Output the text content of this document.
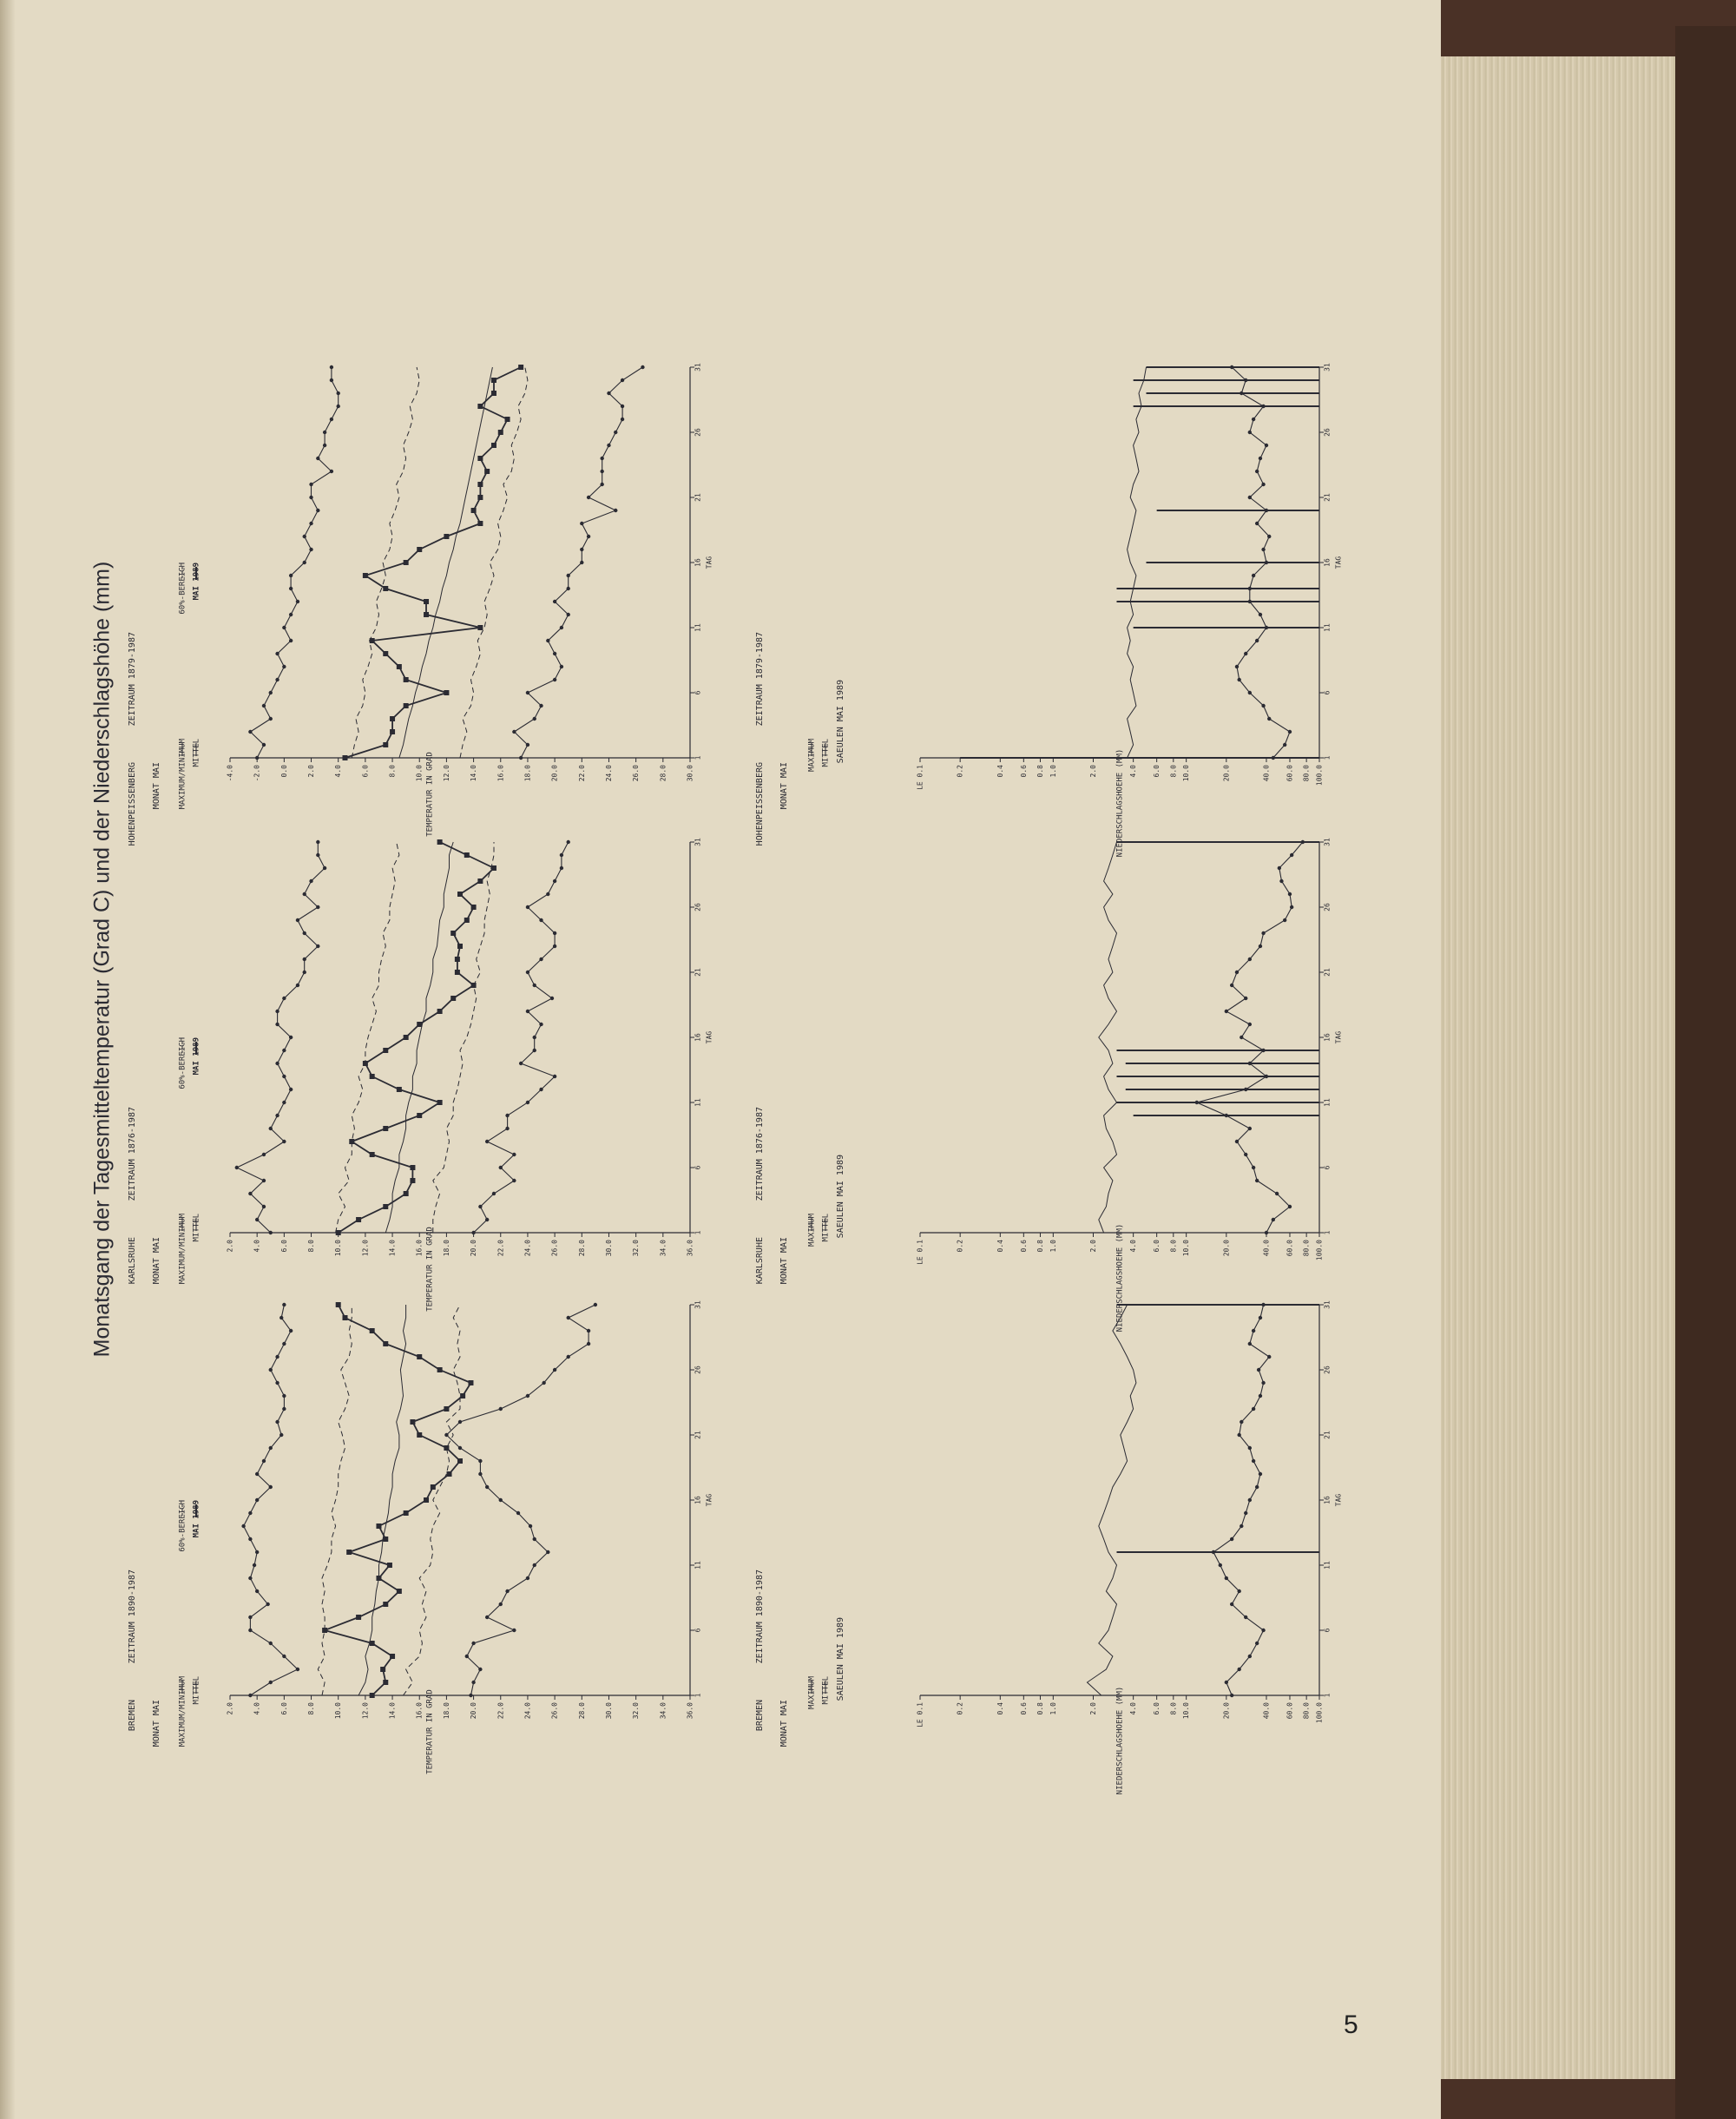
Monatsgang der Tagesmitteltemperatur (Grad C) und der Niederschlagshöhe (mm)
5
36.0
34.0
32.0
30.0
28.0
26.0
24.0
22.0
20.0
18.0
16.0
14.0
12.0
10.0
8.0
6.0
4.0
2.0
1
6
11
16
21
26
31
TAG
TEMPERATUR IN GRAD
BREMEN MONAT MAI
ZEITRAUM 1890-1987
MAXIMUM/MINIMUM MITTEL
60%-BEREICH MAI 1989
36.0
34.0
32.0
30.0
28.0
26.0
24.0
22.0
20.0
18.0
16.0
14.0
12.0
10.0
8.0
6.0
4.0
2.0
1
6
11
16
21
26
31
TAG
TEMPERATUR IN GRAD
KARLSRUHE MONAT MAI
ZEITRAUM 1876-1987
MAXIMUM/MINIMUM MITTEL
60%-BEREICH MAI 1989
30.0
28.0
26.0
24.0
22.0
20.0
18.0
16.0
14.0
12.0
10.0
8.0
6.0
4.0
2.0
0.0
-2.0
-4.0
1
6
11
16
21
26
31
TAG
TEMPERATUR IN GRAD
HOHENPEISSENBERG MONAT MAI
ZEITRAUM 1879-1987
MAXIMUM/MINIMUM MITTEL
60%-BEREICH MAI 1989
100.0
80.0
60.0
40.0
20.0
10.0
8.0
6.0
4.0
2.0
1.0
0.8
0.6
0.4
0.2
LE 0.1
1
6
11
16
21
26
31
TAG
NIEDERSCHLAGSHOEHE (MM)
BREMEN MONAT MAI
ZEITRAUM 1890-1987
MAXIMUM MITTEL SAEULEN MAI 1989
100.0
80.0
60.0
40.0
20.0
10.0
8.0
6.0
4.0
2.0
1.0
0.8
0.6
0.4
0.2
LE 0.1
1
6
11
16
21
26
31
TAG
NIEDERSCHLAGSHOEHE (MM)
KARLSRUHE MONAT MAI
ZEITRAUM 1876-1987
MAXIMUM MITTEL SAEULEN MAI 1989
100.0
80.0
60.0
40.0
20.0
10.0
8.0
6.0
4.0
2.0
1.0
0.8
0.6
0.4
0.2
LE 0.1
1
6
11
16
21
26
31
TAG
NIEDERSCHLAGSHOEHE (MM)
HOHENPEISSENBERG MONAT MAI
ZEITRAUM 1879-1987
MAXIMUM MITTEL SAEULEN MAI 1989
